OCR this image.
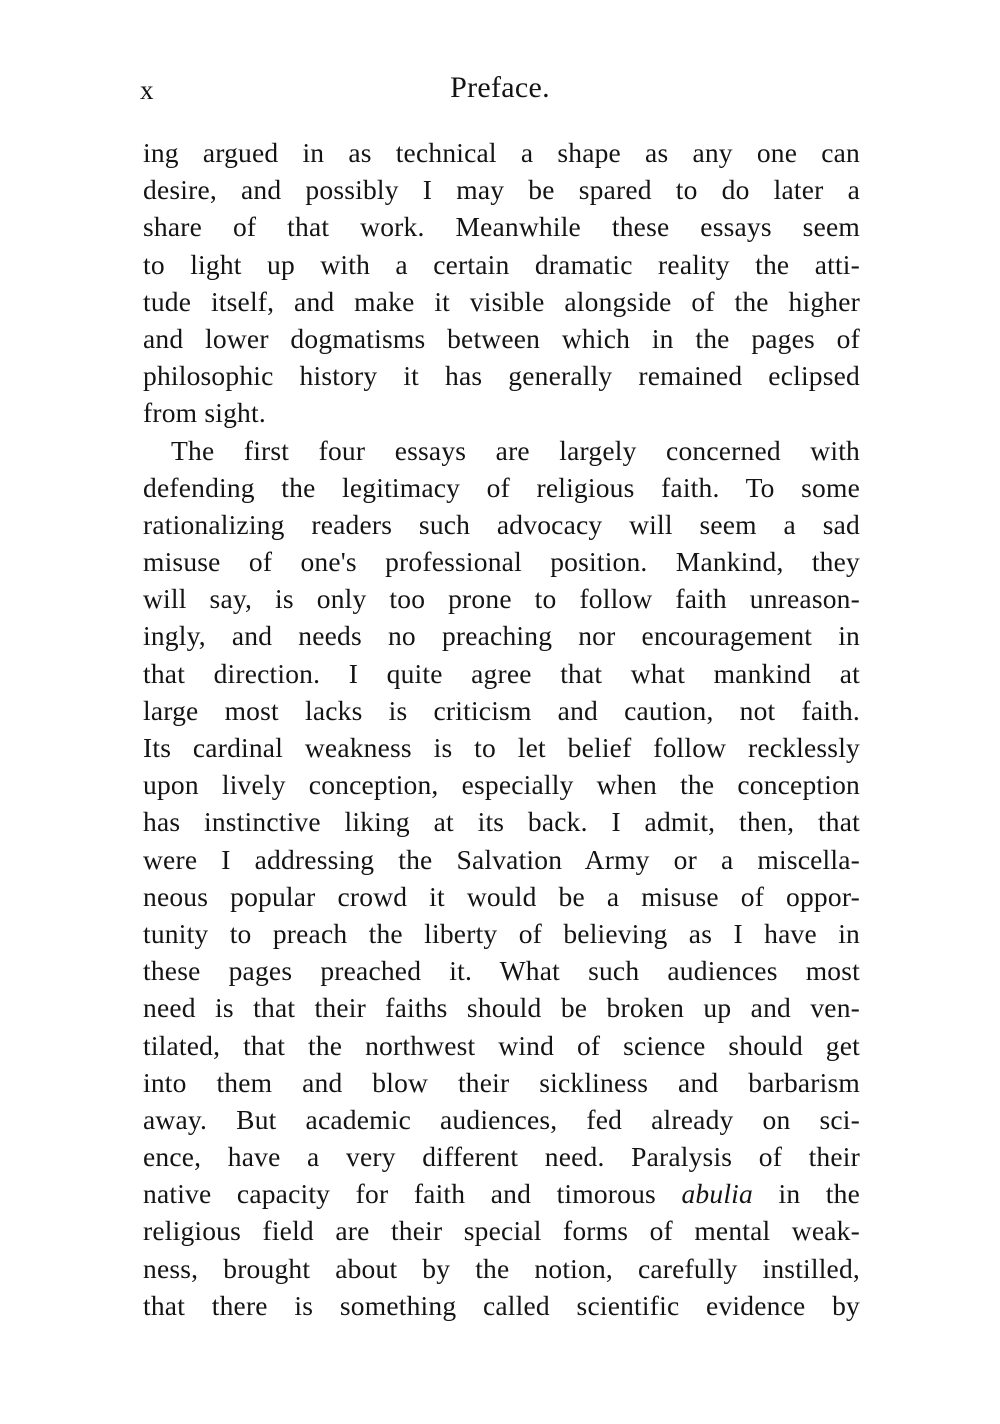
x	Preface.
ing argued in as technical a shape as any one can
desire, and possibly I may be spared to do later a
share of that work. Meanwhile these essays seem
to light up with a certain dramatic reality the atti-
tude itself, and make it visible alongside of the higher
and lower dogmatisms between which in the pages of
philosophic history it has generally remained eclipsed
from sight.
The first four essays are largely concerned with
defending the legitimacy of religious faith. To some
rationalizing readers such advocacy will seem a sad
misuse of one's professional position. Mankind, they
will say, is only too prone to follow faith unreason-
ingly, and needs no preaching nor encouragement in
that direction. I quite agree that what mankind at
large most lacks is criticism and caution, not faith.
Its cardinal weakness is to let belief follow recklessly
upon lively conception, especially when the conception
has instinctive liking at its back. I admit, then, that
were I addressing the Salvation Army or a miscella-
neous popular crowd it would be a misuse of oppor-
tunity to preach the liberty of believing as I have in
these pages preached it. What such audiences most
need is that their faiths should be broken up and ven-
tilated, that the northwest wind of science should get
into them and blow their sickliness and barbarism
away. But academic audiences, fed already on sci-
ence, have a very different need. Paralysis of their
native capacity for faith and timorous abulia in the
religious field are their special forms of mental weak-
ness, brought about by the notion, carefully instilled,
that there is something called scientific evidence by
